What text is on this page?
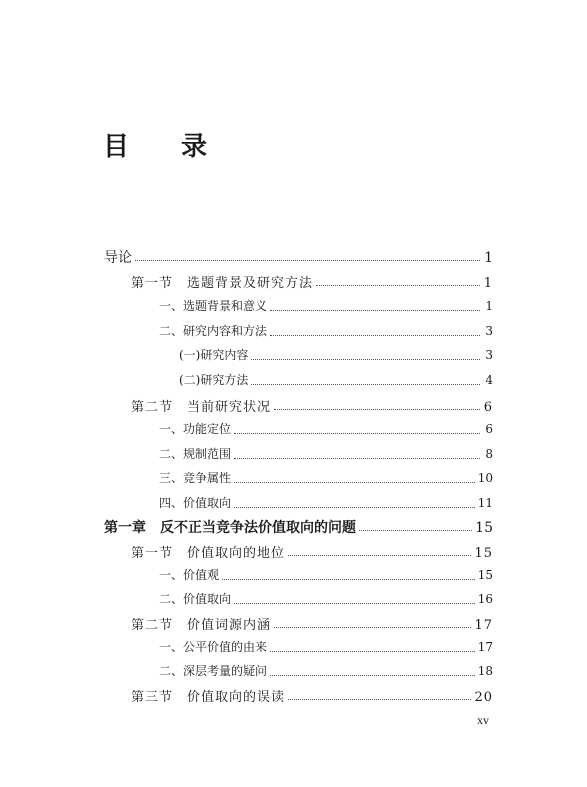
目 录
导论	1
第一节　选题背景及研究方法	1
一、选题背景和意义	1
二、研究内容和方法	3
(一)研究内容	3
(二)研究方法	4
第二节　当前研究状况	6
一、功能定位	6
二、规制范围	8
三、竞争属性	10
四、价值取向	11
第一章　反不正当竞争法价值取向的问题	15
第一节　价值取向的地位	15
一、价值观	15
二、价值取向	16
第二节　价值词源内涵	17
一、公平价值的由来	17
二、深层考量的疑问	18
第三节　价值取向的误读	20
xv
